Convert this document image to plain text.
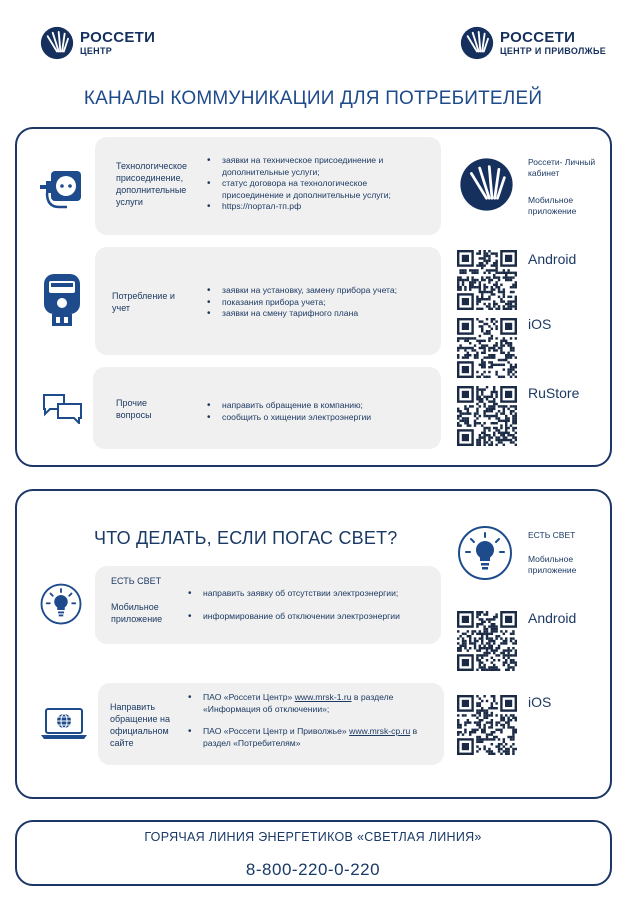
РОССЕТИ
ЦЕНТР
РОССЕТИ
ЦЕНТР И ПРИВОЛЖЬЕ
КАНАЛЫ КОММУНИКАЦИИ ДЛЯ ПОТРЕБИТЕЛЕЙ
Технологическое присоединение, дополнительные услуги
• заявки на техническое присоединение и дополнительные услуги;
• статус договора на технологическое присоединение и дополнительные услуги;
• https://портал-тп.рф
Потребление и учет
• заявки на установку, замену прибора учета;
• показания прибора учета;
• заявки на смену тарифного плана
Прочие вопросы
• направить обращение в компанию;
• сообщить о хищении электроэнергии
Россети- Личный кабинет
Мобильное приложение
Android
iOS
RuStore
ЧТО ДЕЛАТЬ, ЕСЛИ ПОГАС СВЕТ?	ЕСТЬ СВЕТ
Мобильное приложение
Android
iOS
ЕСТЬ СВЕТ
Мобильное приложение
• направить заявку об отсутствии электроэнергии;
• информирование об отключении электроэнергии
Направить обращение на официальном сайте
• ПАО «Россети Центр» www.mrsk-1.ru в разделе «Информация об отключении»;
• ПАО «Россети Центр и Приволжье» www.mrsk-cp.ru в раздел «Потребителям»
ГОРЯЧАЯ ЛИНИЯ ЭНЕРГЕТИКОВ «СВЕТЛАЯ ЛИНИЯ»
8-800-220-0-220
